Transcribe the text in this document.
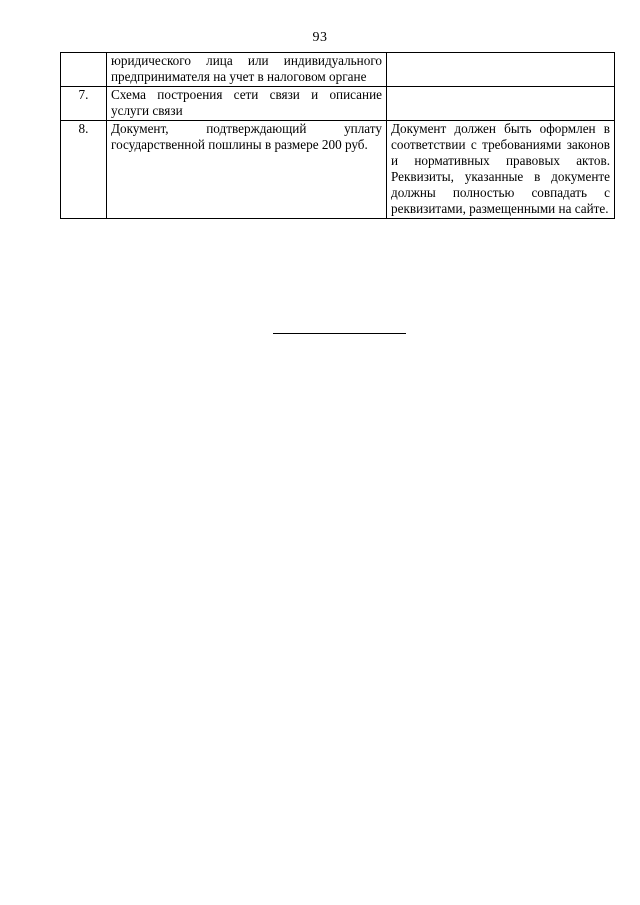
93
	юридического лица или индивидуального предпринимателя на учет в налоговом органе	
7.	Схема построения сети связи и описание услуги связи	
8.	Документ, подтверждающий уплату государственной пошлины в размере 200 руб.	Документ должен быть оформлен в соответствии с требованиями законов и нормативных правовых актов. Реквизиты, указанные в документе должны полностью совпадать с реквизитами, размещенными на сайте.
